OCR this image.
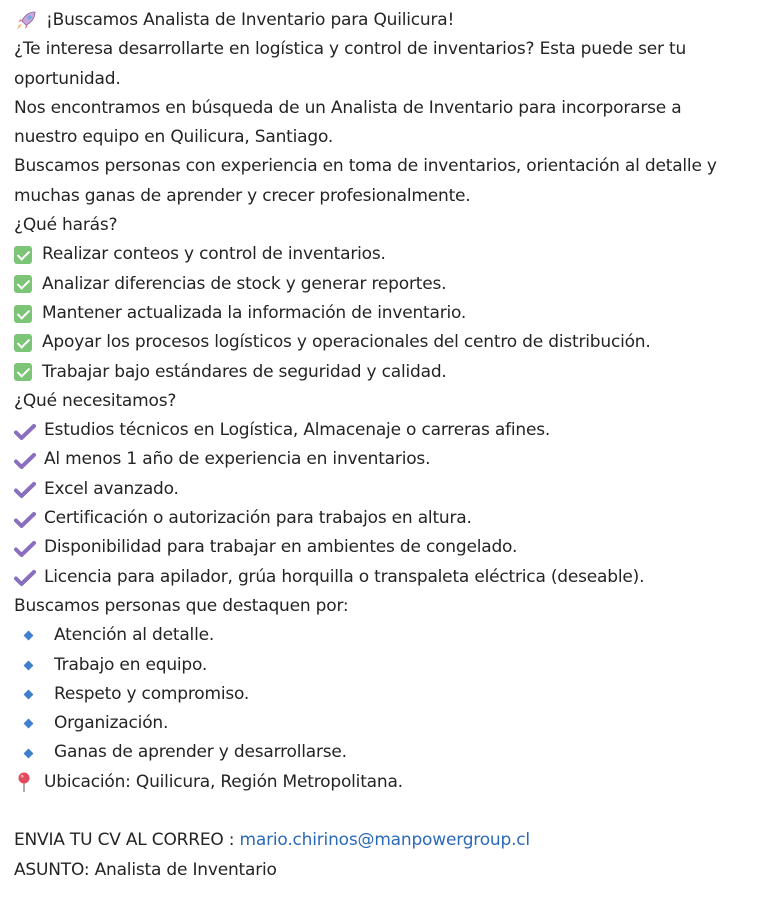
¡Buscamos Analista de Inventario para Quilicura!
¿Te interesa desarrollarte en logística y control de inventarios? Esta puede ser tu
oportunidad.
Nos encontramos en búsqueda de un Analista de Inventario para incorporarse a
nuestro equipo en Quilicura, Santiago.
Buscamos personas con experiencia en toma de inventarios, orientación al detalle y
muchas ganas de aprender y crecer profesionalmente.
¿Qué harás?
Realizar conteos y control de inventarios.
Analizar diferencias de stock y generar reportes.
Mantener actualizada la información de inventario.
Apoyar los procesos logísticos y operacionales del centro de distribución.
Trabajar bajo estándares de seguridad y calidad.
¿Qué necesitamos?
Estudios técnicos en Logística, Almacenaje o carreras afines.
Al menos 1 año de experiencia en inventarios.
Excel avanzado.
Certificación o autorización para trabajos en altura.
Disponibilidad para trabajar en ambientes de congelado.
Licencia para apilador, grúa horquilla o transpaleta eléctrica (deseable).
Buscamos personas que destaquen por:
Atención al detalle.
Trabajo en equipo.
Respeto y compromiso.
Organización.
Ganas de aprender y desarrollarse.
Ubicación: Quilicura, Región Metropolitana.
ENVIA TU CV AL CORREO :
mario.chirinos@manpowergroup.cl
ASUNTO: Analista de Inventario
